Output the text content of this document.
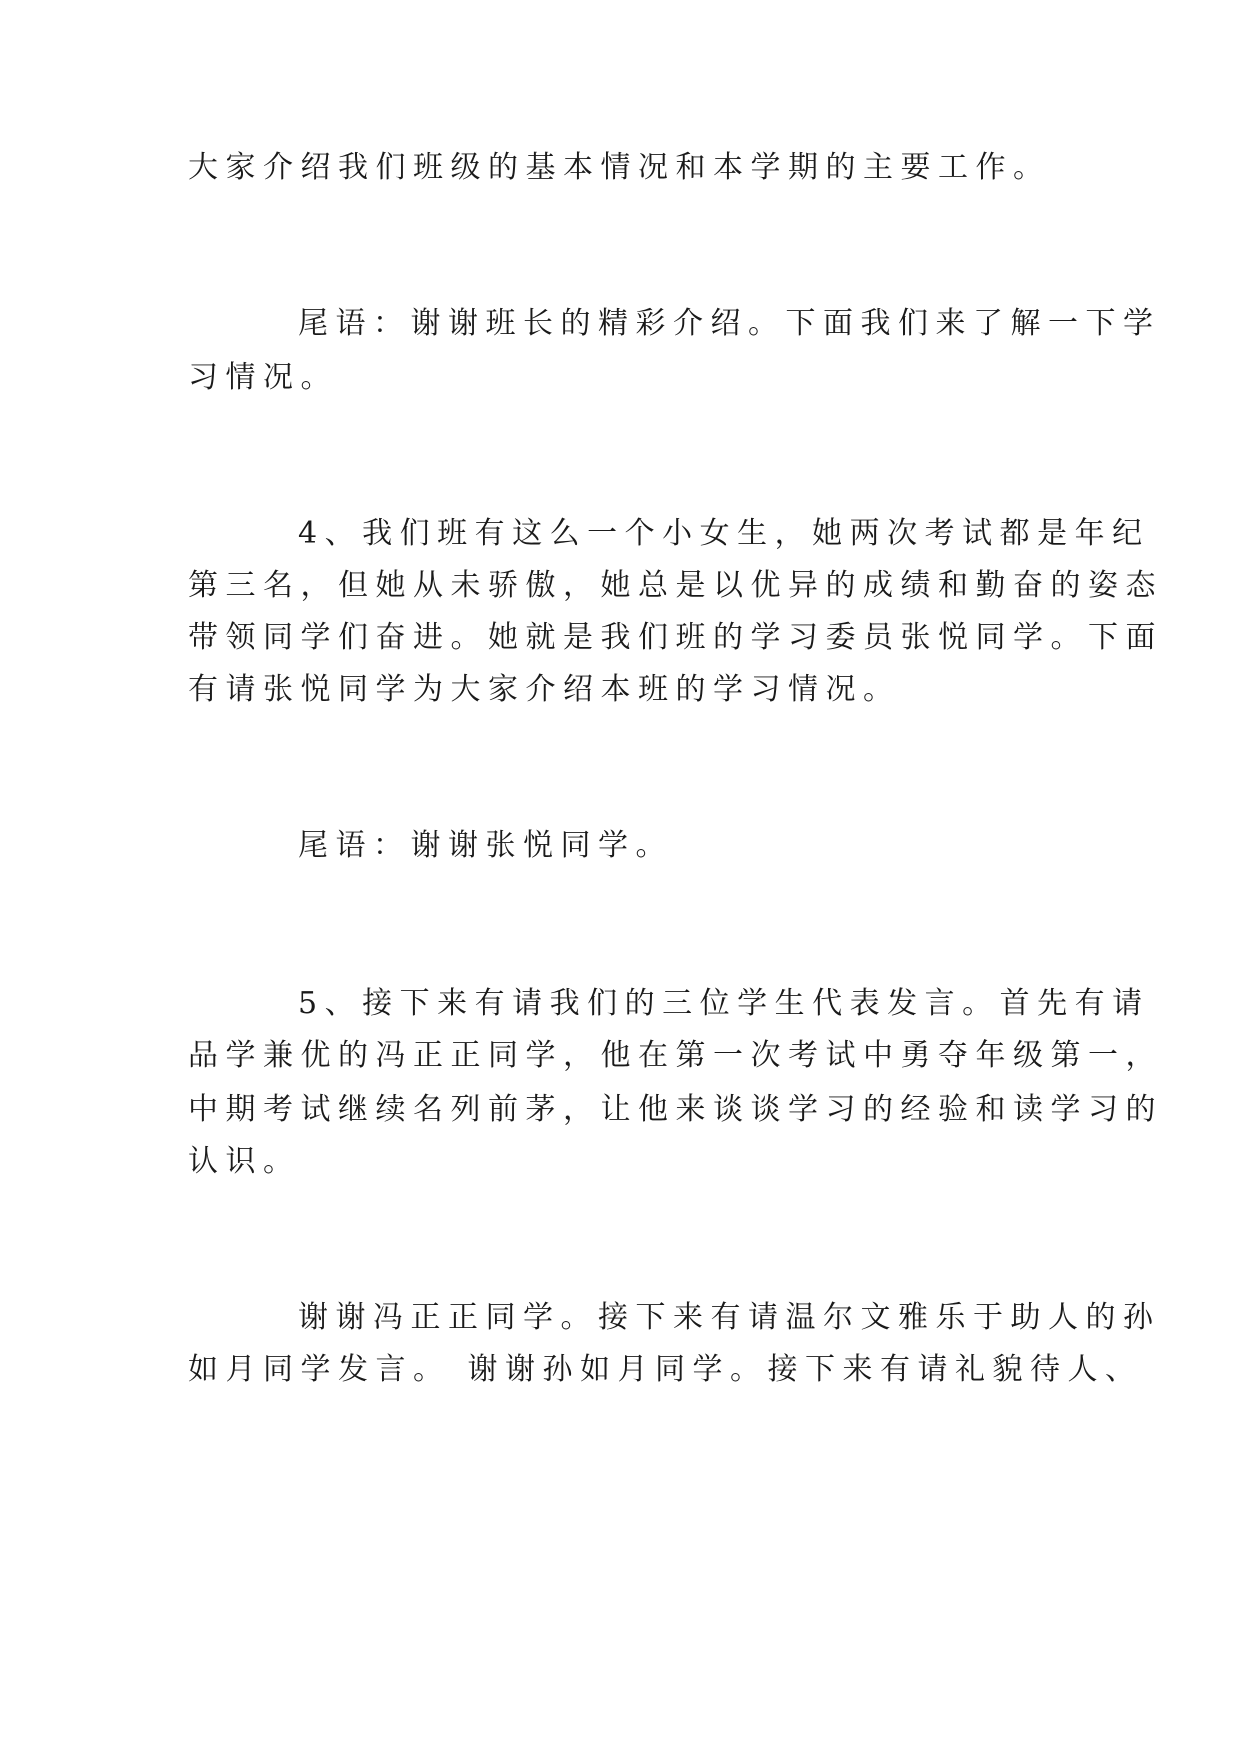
大家介绍我们班级的基本情况和本学期的主要工作。
尾语：谢谢班长的精彩介绍。下面我们来了解一下学
习情况。
4、我们班有这么一个小女生，她两次考试都是年纪
第三名，但她从未骄傲，她总是以优异的成绩和勤奋的姿态
带领同学们奋进。她就是我们班的学习委员张悦同学。下面
有请张悦同学为大家介绍本班的学习情况。
尾语：谢谢张悦同学。
5、接下来有请我们的三位学生代表发言。首先有请
品学兼优的冯正正同学，他在第一次考试中勇夺年级第一，
中期考试继续名列前茅，让他来谈谈学习的经验和读学习的
认识。
谢谢冯正正同学。接下来有请温尔文雅乐于助人的孙
如月同学发言。 谢谢孙如月同学。接下来有请礼貌待人、
